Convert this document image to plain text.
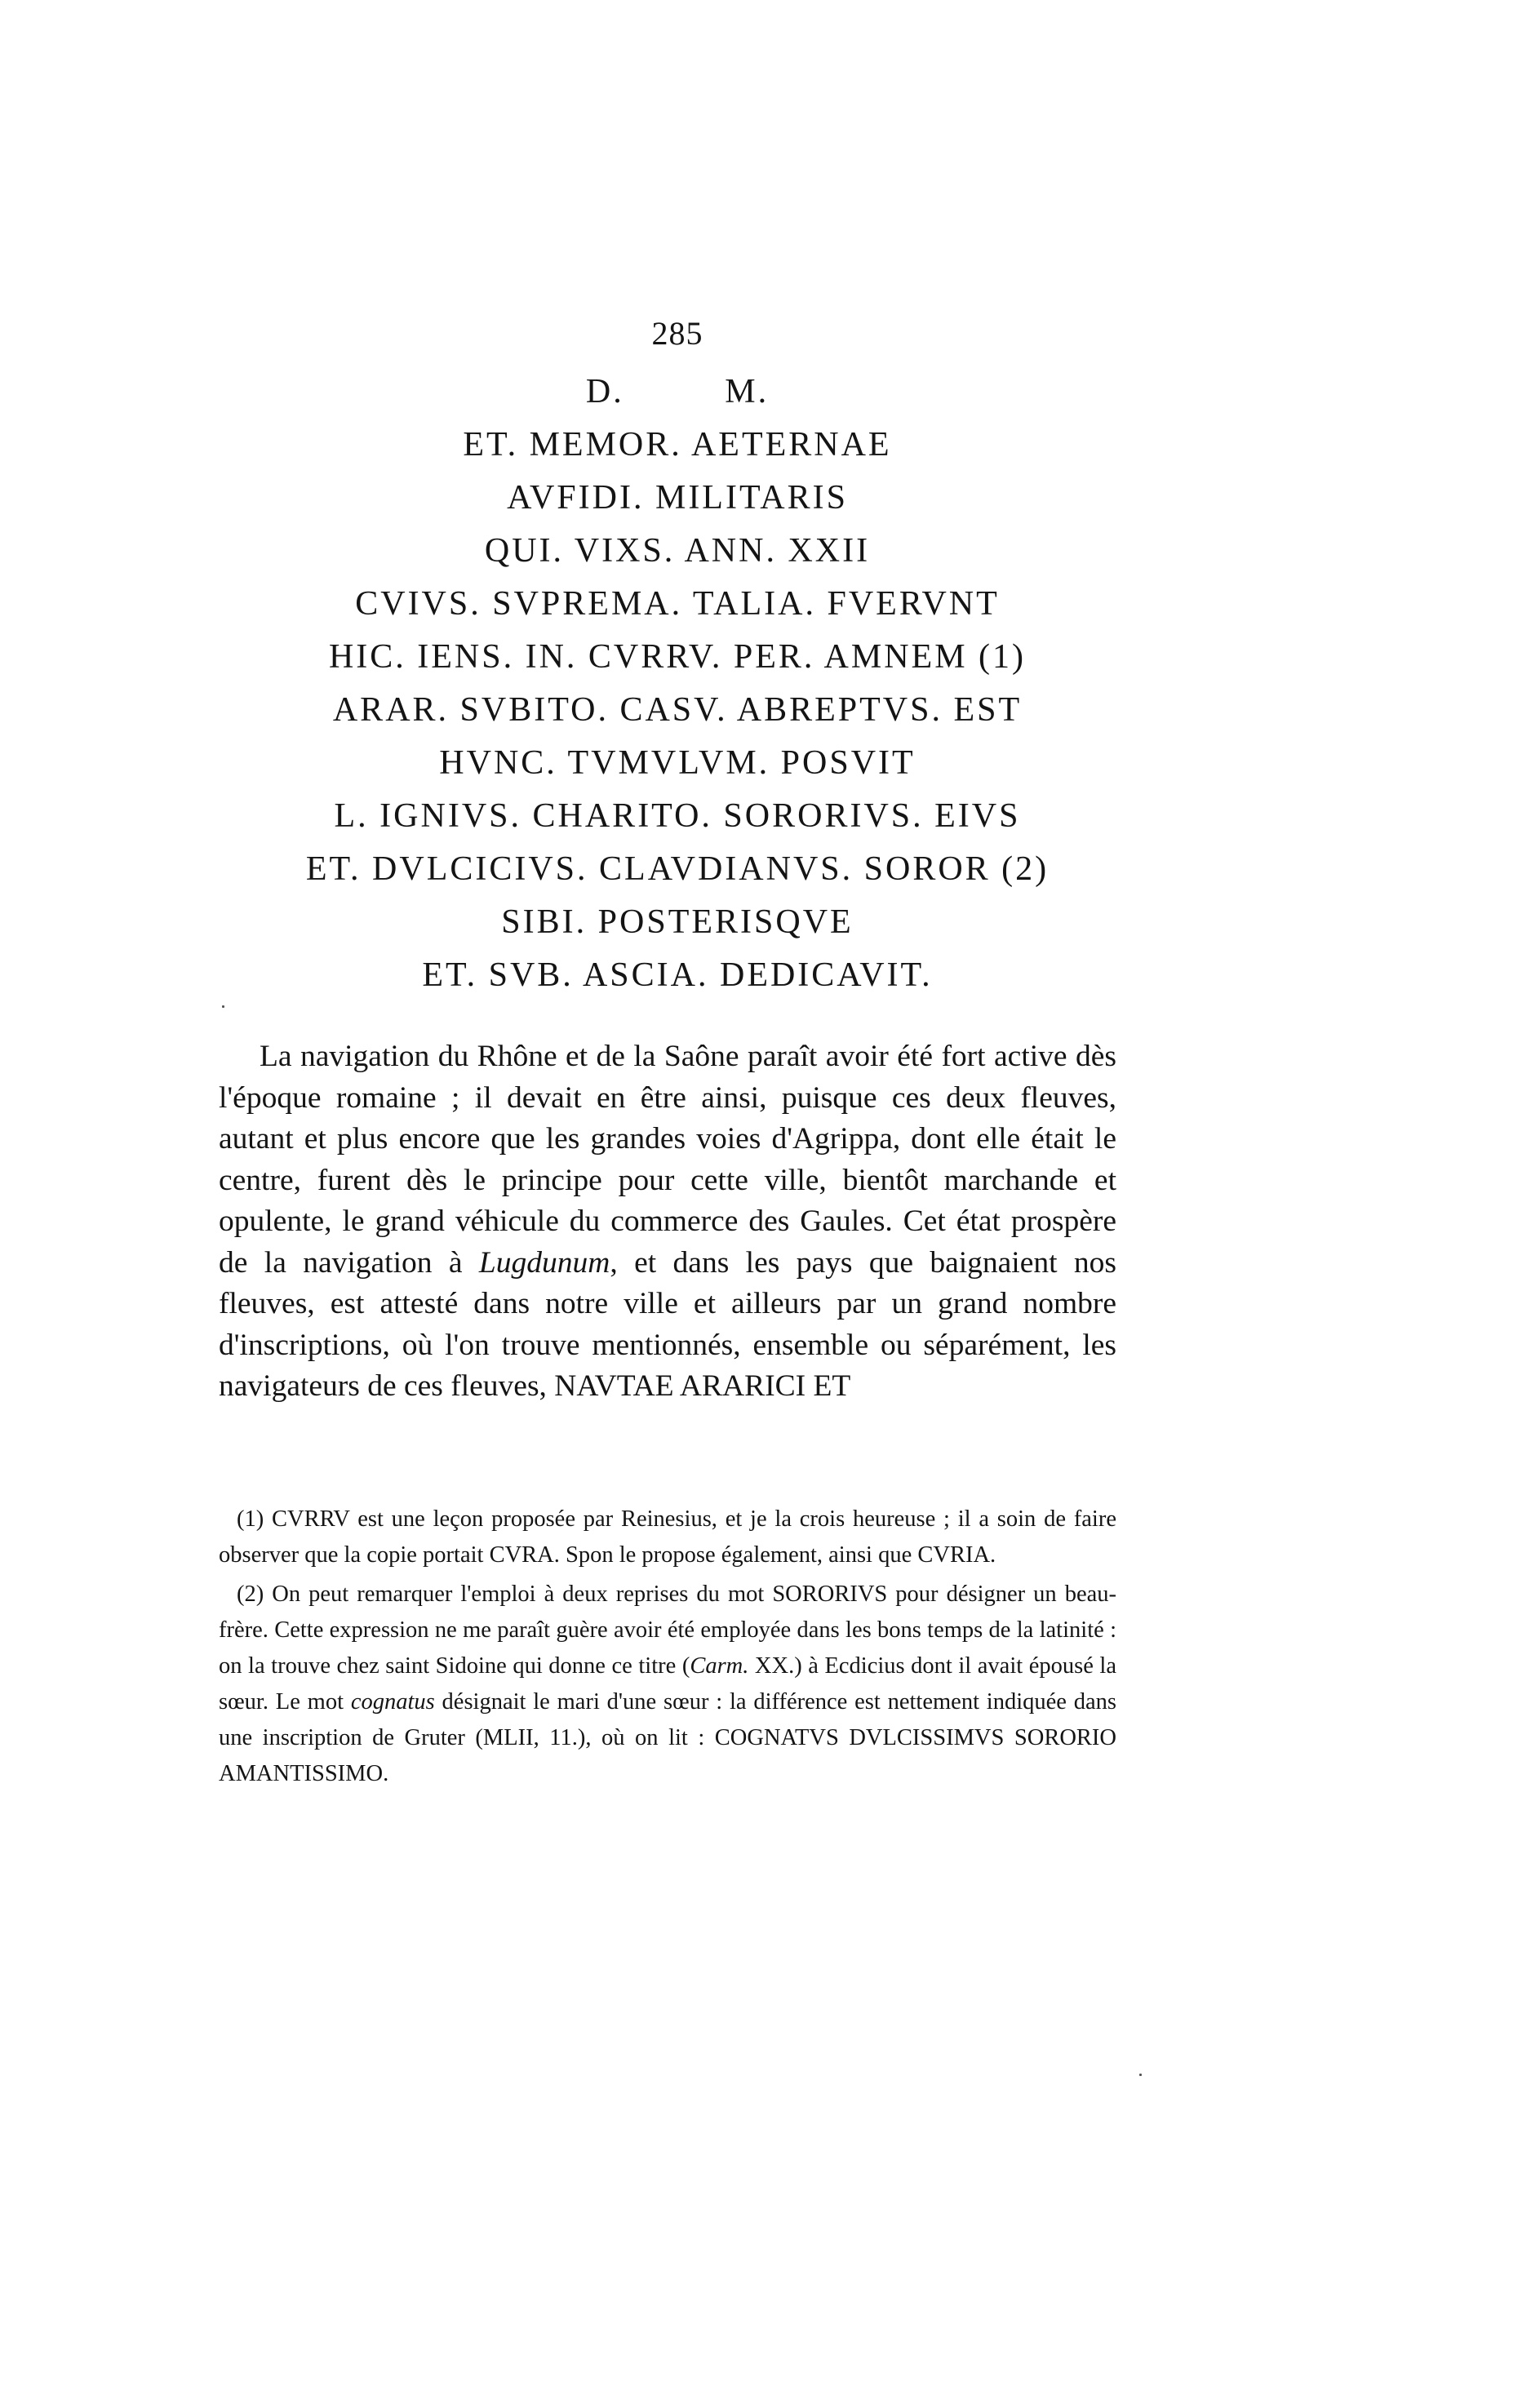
285
D. M.
ET. MEMOR. AETERNAE
AVFIDI. MILITARIS
QUI. VIXS. ANN. XXII
CVIVS. SVPREMA. TALIA. FVERVNT
HIC. IENS. IN. CVRRV. PER. AMNEM (1)
ARAR. SVBITO. CASV. ABREPTVS. EST
HVNC. TVMVLVM. POSVIT
L. IGNIVS. CHARITO. SORORIVS. EIVS
ET. DVLCICIVS. CLAVDIANVS. SOROR (2)
SIBI. POSTERISQVE
ET. SVB. ASCIA. DEDICAVIT.

La navigation du Rhône et de la Saône paraît avoir été fort active dès l'époque romaine ; il devait en être ainsi, puisque ces deux fleuves, autant et plus encore que les grandes voies d'Agrippa, dont elle était le centre, furent dès le principe pour cette ville, bientôt marchande et opulente, le grand véhicule du commerce des Gaules. Cet état prospère de la navigation à Lugdunum, et dans les pays que baignaient nos fleuves, est attesté dans notre ville et ailleurs par un grand nombre d'inscriptions, où l'on trouve mentionnés, ensemble ou séparément, les navigateurs de ces fleuves, NAVTAE ARARICI ET

(1) CVRRV est une leçon proposée par Reinesius, et je la crois heureuse ; il a soin de faire observer que la copie portait CVRA. Spon le propose également, ainsi que CVRIA.

(2) On peut remarquer l'emploi à deux reprises du mot SORORIVS pour désigner un beau-frère. Cette expression ne me paraît guère avoir été employée dans les bons temps de la latinité : on la trouve chez saint Sidoine qui donne ce titre (Carm. XX.) à Ecdicius dont il avait épousé la sœur. Le mot cognatus désignait le mari d'une sœur : la différence est nettement indiquée dans une inscription de Gruter (MLII, 11.), où on lit : COGNATVS DVLCISSIMVS SORORIO AMANTISSIMO.
